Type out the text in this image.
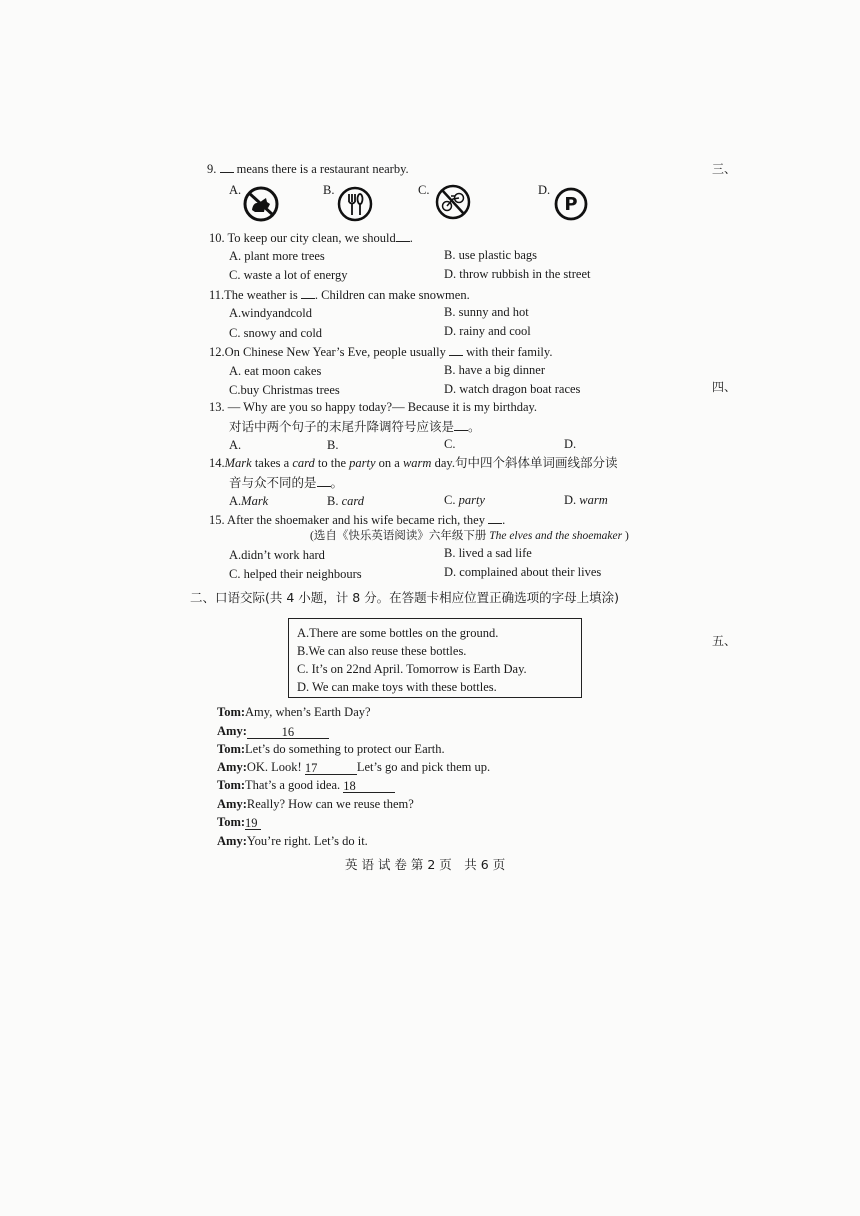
三、
四、
五、
9. means there is a restaurant nearby.
A.	B.	C.	D.
P
10. To keep our city clean, we should .
A. plant more trees	B. use plastic bags
C. waste a lot of energy	D. throw rubbish in the street
11.The weather is . Children can make snowmen.
A.windyandcold	B. sunny and hot
C. snowy and cold	D. rainy and cool
12.On Chinese New Year’s Eve, people usually with their family.
A. eat moon cakes	B. have a big dinner
C.buy Christmas trees	D. watch dragon boat races
13. — Why are you so happy today?— Because it is my birthday.
对话中两个句子的末尾升降调符号应该是 。
A.	B.	C.	D.
14.Mark takes a card to the party on a warm day.句中四个斜体单词画线部分读
音与众不同的是 。
A.Mark	B. card	C. party	D. warm
15. After the shoemaker and his wife became rich, they .
(选自《快乐英语阅读》六年级下册 The elves and the shoemaker )
A.didn’t work hard	B. lived a sad life
C. helped their neighbours	D. complained about their lives
二、口语交际(共 4 小题，计 8 分。在答题卡相应位置正确选项的字母上填涂)
A.There are some bottles on the ground.
B.We can also reuse these bottles.
C. It’s on 22nd April. Tomorrow is Earth Day.
D. We can make toys with these bottles.
Tom:Amy, when’s Earth Day?
Amy:	16
Tom:Let’s do something to protect our Earth.
Amy:OK. Look! 17	Let’s go and pick them up.
Tom:That’s a good idea. 18
Amy:Really? How can we reuse them?
Tom:19
Amy:You’re right. Let’s do it.
英 语 试 卷 第 2 页　共 6 页
